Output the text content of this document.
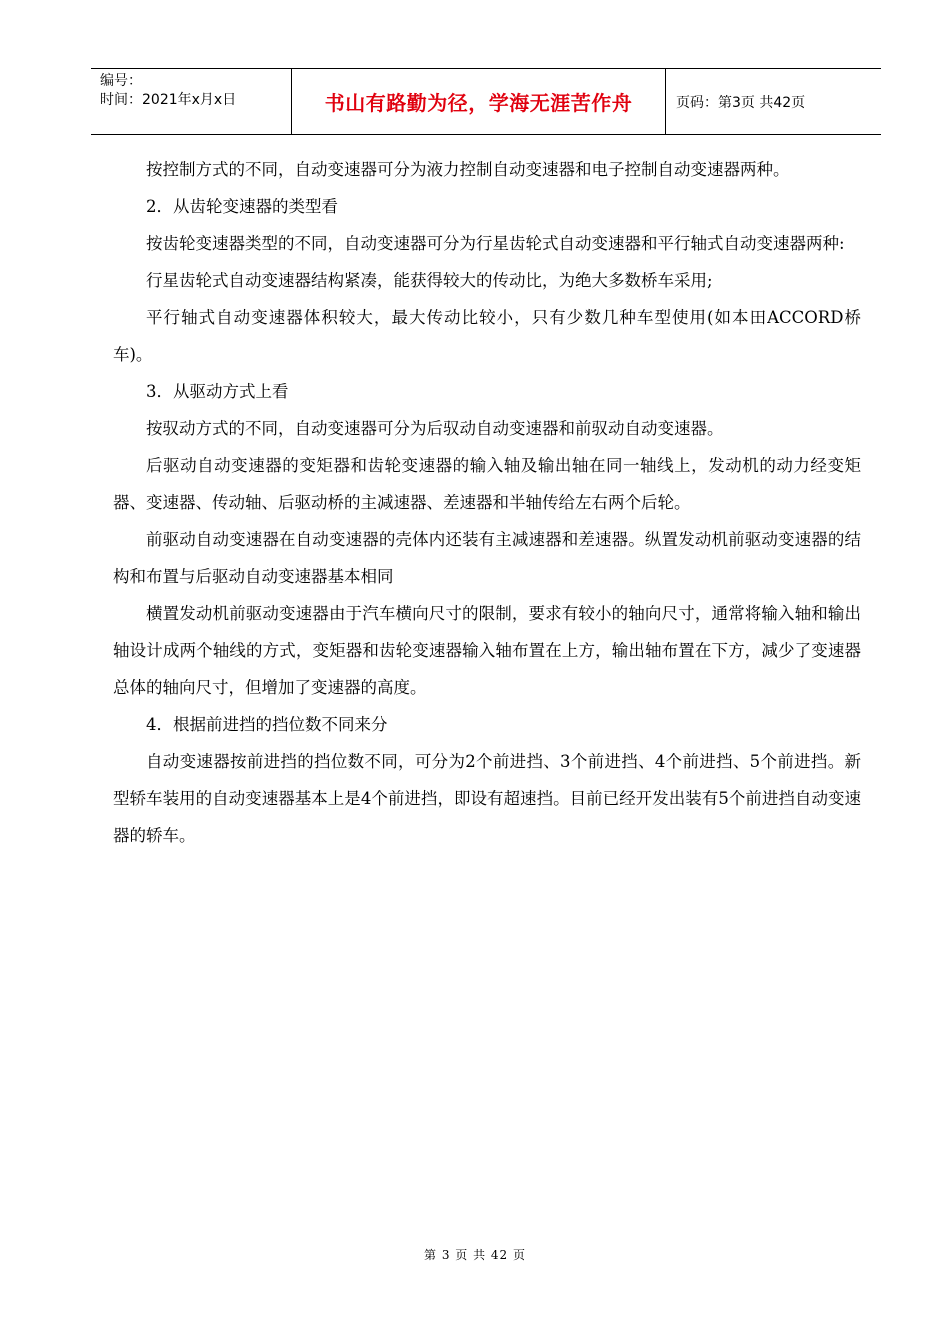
编号：
时间：2021年x月x日	书山有路勤为径，学海无涯苦作舟	页码：第3页 共42页

按控制方式的不同，自动变速器可分为液力控制自动变速器和电子控制自动变速器两种。

2．从齿轮变速器的类型看

按齿轮变速器类型的不同，自动变速器可分为行星齿轮式自动变速器和平行轴式自动变速器两种:

行星齿轮式自动变速器结构紧凑，能获得较大的传动比，为绝大多数桥车采用;

平行轴式自动变速器体积较大，最大传动比较小，只有少数几种车型使用(如本田ACCORD桥车)。

3．从驱动方式上看

按驭动方式的不同，自动变速器可分为后驭动自动变速器和前驭动自动变速器。

后驱动自动变速器的变矩器和齿轮变速器的输入轴及输出轴在同一轴线上，发动机的动力经变矩器、变速器、传动轴、后驱动桥的主减速器、差速器和半轴传给左右两个后轮。

前驱动自动变速器在自动变速器的壳体内还装有主减速器和差速器。纵置发动机前驱动变速器的结构和布置与后驱动自动变速器基本相同

横置发动机前驱动变速器由于汽车横向尺寸的限制，要求有较小的轴向尺寸，通常将输入轴和输出轴设计成两个轴线的方式，变矩器和齿轮变速器输入轴布置在上方，输出轴布置在下方，减少了变速器总体的轴向尺寸，但增加了变速器的高度。

4．根据前进挡的挡位数不同来分

自动变速器按前进挡的挡位数不同，可分为2个前进挡、3个前进挡、4个前进挡、5个前进挡。新型轿车装用的自动变速器基本上是4个前进挡，即设有超速挡。目前已经开发出装有5个前进挡自动变速器的轿车。

第 3 页 共 42 页
